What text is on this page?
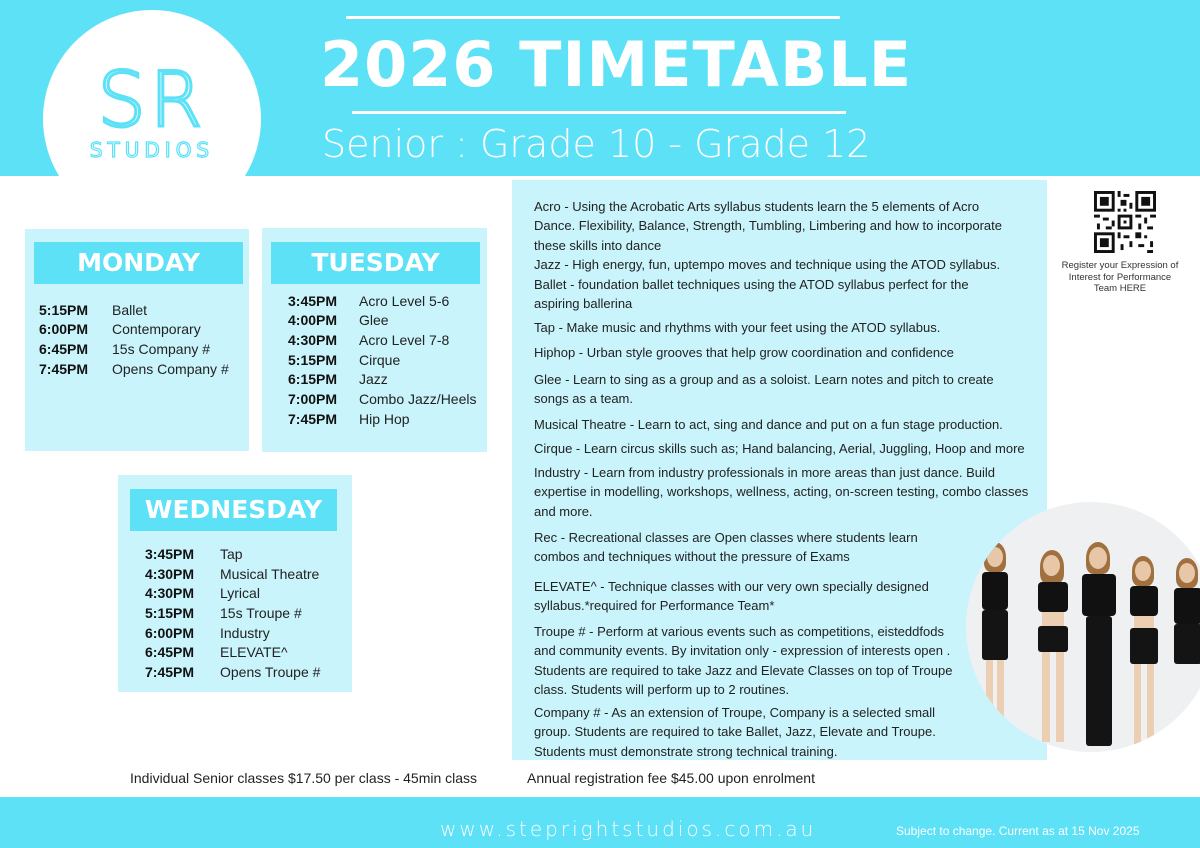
SR
STUDIOS
2026 TIMETABLE
Senior : Grade 10 - Grade 12
MONDAY
5:15PM	Ballet
6:00PM	Contemporary
6:45PM	15s Company #
7:45PM	Opens Company #
TUESDAY
3:45PM	Acro Level 5-6
4:00PM	Glee
4:30PM	Acro Level 7-8
5:15PM	Cirque
6:15PM	Jazz
7:00PM	Combo Jazz/Heels
7:45PM	Hip Hop
WEDNESDAY
3:45PM	Tap
4:30PM	Musical Theatre
4:30PM	Lyrical
5:15PM	15s Troupe #
6:00PM	Industry
6:45PM	ELEVATE^
7:45PM	Opens Troupe #
Acro - Using the Acrobatic Arts syllabus students learn the 5 elements of Acro
Dance. Flexibility, Balance, Strength, Tumbling, Limbering and how to incorporate
these skills into dance
Jazz - High energy, fun, uptempo moves and technique using the ATOD syllabus.
Ballet - foundation ballet techniques using the ATOD syllabus perfect for the
aspiring ballerina
Tap - Make music and rhythms with your feet using the ATOD syllabus.
Hiphop - Urban style grooves that help grow coordination and confidence
Glee - Learn to sing as a group and as a soloist. Learn notes and pitch to create
songs as a team.
Musical Theatre - Learn to act, sing and dance and put on a fun stage production.
Cirque - Learn circus skills such as; Hand balancing, Aerial, Juggling, Hoop and more
Industry - Learn from industry professionals in more areas than just dance. Build
expertise in modelling, workshops, wellness, acting, on-screen testing, combo classes
and more.
Rec - Recreational classes are Open classes where students learn
combos and techniques without the pressure of Exams
ELEVATE^ - Technique classes with our very own specially designed
syllabus.*required for Performance Team*
Troupe # - Perform at various events such as competitions, eisteddfods
and community events. By invitation only - expression of interests open .
Students are required to take Jazz and Elevate Classes on top of Troupe
class. Students will perform up to 2 routines.
Company # - As an extension of Troupe, Company is a selected small
group. Students are required to take Ballet, Jazz, Elevate and Troupe.
Students must demonstrate strong technical training.
Register your Expression of
Interest for Performance
Team HERE
Individual Senior classes $17.50 per class - 45min class	Annual registration fee $45.00 upon enrolment
www.steprightstudios.com.au	Subject to change. Current as at 15 Nov 2025
